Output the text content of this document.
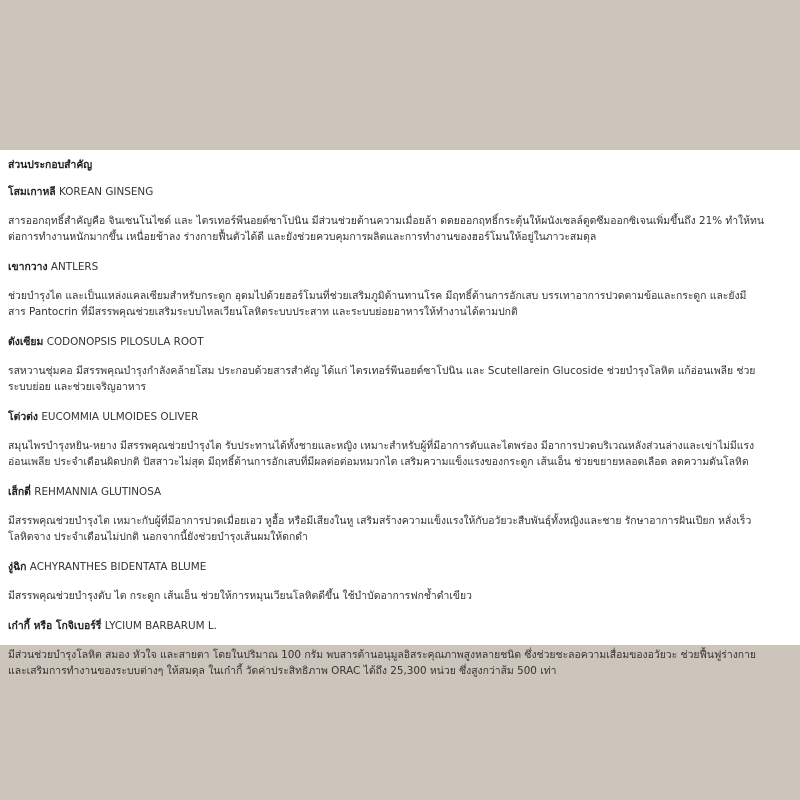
ส่วนประกอบสำคัญ
โสมเกาหลี KOREAN GINSENG
สารออกฤทธิ์สำคัญคือ จินเซนโนไซด์ และ ไตรเทอร์พีนอยด์ซาโปนิน มีส่วนช่วยต้านความเมื่อยล้า ดดยออกฤทธิ์กระตุ้นให้ผนังเซลล์ดูดซึมออกซิเจนเพิ่มขึ้นถึง 21% ทำให้ทนต่อการทำงานหนักมากขึ้น เหนื่อยช้าลง ร่างกายฟื้นตัวได้ดี และยังช่วยควบคุมการผลิตและการทำงานของฮอร์โมนให้อยู่ในภาวะสมดุล
เขากวาง ANTLERS
ช่วยบำรุงไต และเป็นแหล่งแคลเซียมสำหรับกระดูก อุดมไปด้วยฮอร์โมนที่ช่วยเสริมภูมิต้านทานโรค มีฤทธิ์ต้านการอักเสบ บรรเทาอาการปวดตามข้อและกระดูก และยังมีสาร Pantocrin ที่มีสรรพคุณช่วยเสริมระบบไหลเวียนโลหิตระบบประสาท และระบบย่อยอาหารให้ทำงานได้ตามปกติ
ตังเซียม CODONOPSIS PILOSULA ROOT
รสหวานชุ่มคอ มีสรรพคุณบำรุงกำลังคล้ายโสม ประกอบด้วยสารสำคัญ ได้แก่ ไตรเทอร์พีนอยด์ซาโปนิน และ Scutellarein Glucoside ช่วยบำรุงโลหิต แก้อ่อนเพลีย ช่วยระบบย่อย และช่วยเจริญอาหาร
โต่วต่ง EUCOMMIA ULMOIDES OLIVER
สมุนไพรบำรุงหยิน-หยาง มีสรรพคุณช่วยบำรุงไต รับประทานได้ทั้งชายและหญิง เหมาะสำหรับผู้ที่มีอาการตับและไตพร่อง มีอาการปวดบริเวณหลังส่วนล่างและเข่าไม่มีแรง อ่อนเพลีย ประจำเดือนผิดปกติ ปัสสาวะไม่สุด มีฤทธิ์ต้านการอักเสบที่มีผลต่อต่อมหมวกไต เสริมความแข็งแรงของกระดูก เส้นเอ็น ช่วยขยายหลอดเลือด ลดความดันโลหิต
เส็กตี่ REHMANNIA GLUTINOSA
มีสรรพคุณช่วยบำรุงไต เหมาะกับผู้ที่มีอาการปวดเมื่อยเอว หูอื้อ หรือมีเสียงในหู เสริมสร้างความแข็งแรงให้กับอวัยวะสืบพันธุ์ทั้งหญิงและชาย รักษาอาการฝันเปียก หลั่งเร็ว โลหิตจาง ประจำเดือนไม่ปกติ นอกจากนี้ยังช่วยบำรุงเส้นผมให้ดกดำ
งู่ฉิก ACHYRANTHES BIDENTATA BLUME
มีสรรพคุณช่วยบำรุงตับ ไต กระดูก เส้นเอ็น ช่วยให้การหมุนเวียนโลหิตดีขึ้น ใช้บำบัดอาการฟกช้ำดำเขียว
เก๋ากี้ หรือ โกจิเบอร์รี่ LYCIUM BARBARUM L.
มีส่วนช่วยบำรุงโลหิต สมอง หัวใจ และสายตา โดยในปริมาณ 100 กรัม พบสารต้านอนุมูลอิสระคุณภาพสูงหลายชนิด ซึ่งช่วยชะลอความเสื่อมของอวัยวะ ช่วยฟื้นฟูร่างกาย และเสริมการทำงานของระบบต่างๆ ให้สมดุล ในเก๋ากี้ วัดค่าประสิทธิภาพ ORAC ได้ถึง 25,300 หน่วย ซึ่งสูงกว่าส้ม 500 เท่า
